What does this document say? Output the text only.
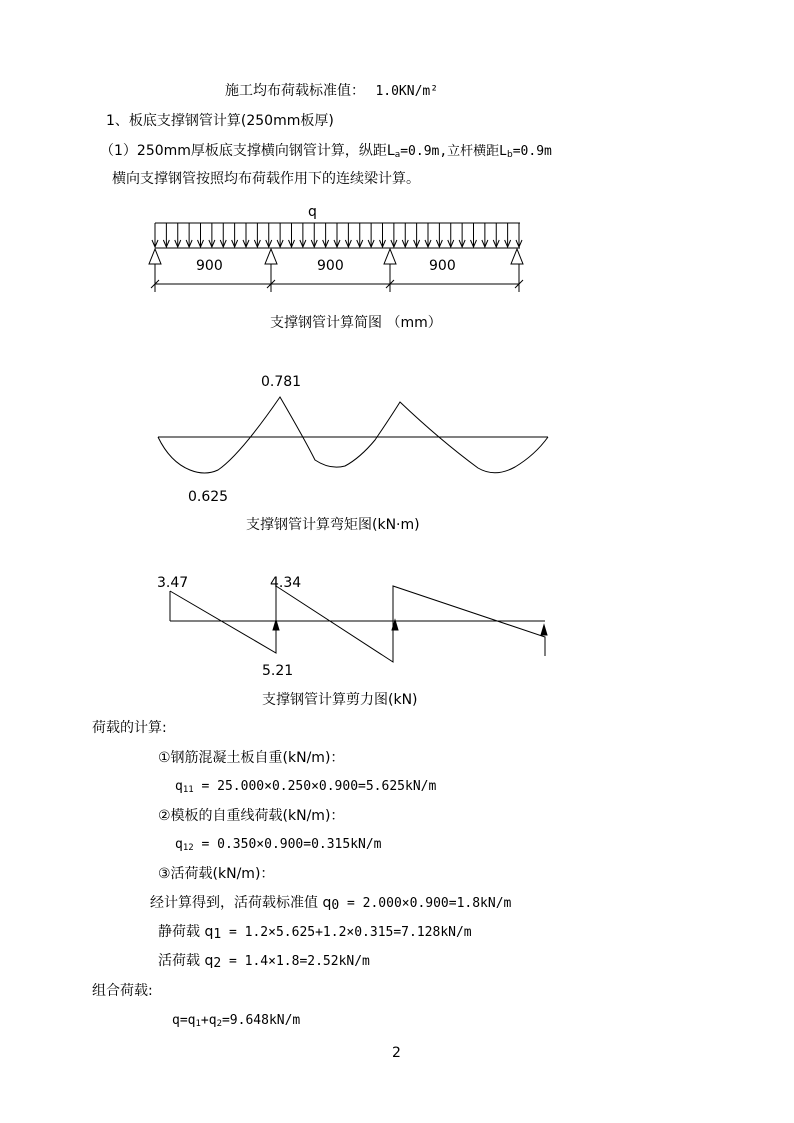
施工均布荷载标准值： 1.0KN/m²
1、板底支撑钢管计算(250mm板厚)
（1）250mm厚板底支撑横向钢管计算，纵距$L_a=0.9m$,立杆横距$L_b=0.9m$
横向支撑钢管按照均布荷载作用下的连续梁计算。
q
900	900	900
0.781
0.625
3.47	4.34
5.21
支撑钢管计算简图 （mm）
支撑钢管计算弯矩图(kN·m)
支撑钢管计算剪力图(kN)
荷载的计算:
①钢筋混凝土板自重(kN/m)：
$q_{11} = 25.000\times 0.250\times 0.900=5.625kN/m$
②模板的自重线荷载(kN/m)：
$q_{12} = 0.350\times 0.900=0.315kN/m$
③活荷载(kN/m)：
经计算得到，活荷载标准值 $q_0 = 2.000\times 0.900=1.8kN/m$
静荷载 $q_1 = 1.2\times 5.625+1.2\times 0.315=7.128kN/m$
活荷载 $q_2 = 1.4\times 1.8=2.52kN/m$
组合荷载:
$q=q_1+q_2=9.648kN/m$
2
